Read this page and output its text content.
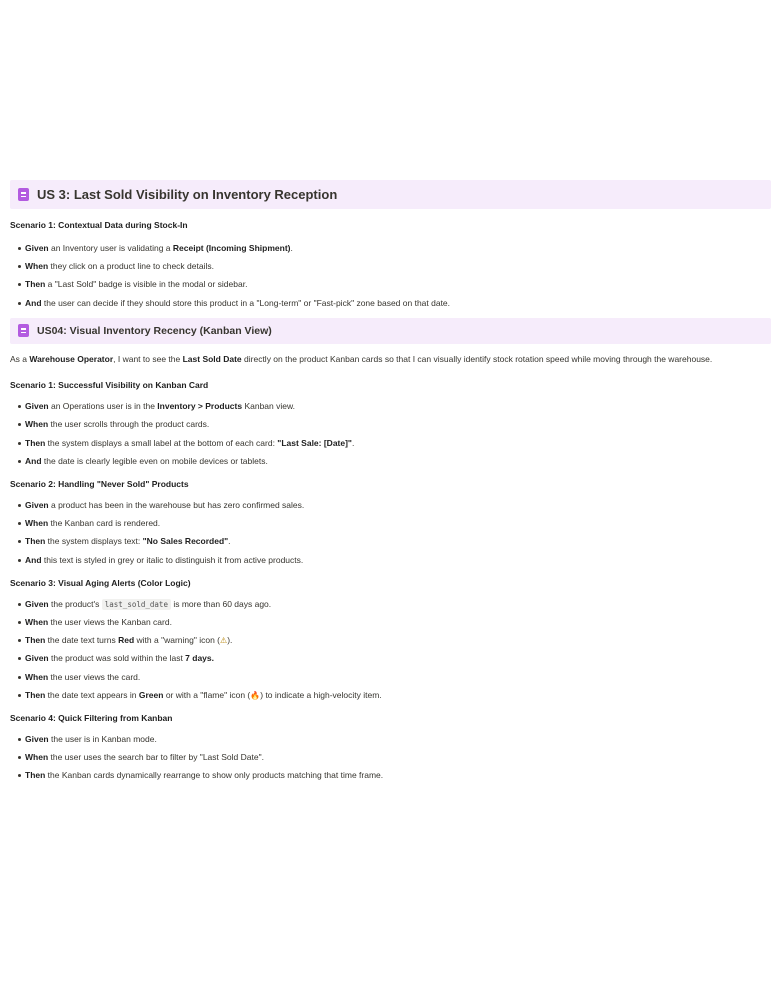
US 3: Last Sold Visibility on Inventory Reception
Scenario 1: Contextual Data during Stock-In
Given an Inventory user is validating a Receipt (Incoming Shipment).
When they click on a product line to check details.
Then a "Last Sold" badge is visible in the modal or sidebar.
And the user can decide if they should store this product in a "Long-term" or "Fast-pick" zone based on that date.
US04: Visual Inventory Recency (Kanban View)
As a Warehouse Operator, I want to see the Last Sold Date directly on the product Kanban cards so that I can visually identify stock rotation speed while moving through the warehouse.
Scenario 1: Successful Visibility on Kanban Card
Given an Operations user is in the Inventory > Products Kanban view.
When the user scrolls through the product cards.
Then the system displays a small label at the bottom of each card: "Last Sale: [Date]".
And the date is clearly legible even on mobile devices or tablets.
Scenario 2: Handling "Never Sold" Products
Given a product has been in the warehouse but has zero confirmed sales.
When the Kanban card is rendered.
Then the system displays text: "No Sales Recorded".
And this text is styled in grey or italic to distinguish it from active products.
Scenario 3: Visual Aging Alerts (Color Logic)
Given the product's last_sold_date is more than 60 days ago.
When the user views the Kanban card.
Then the date text turns Red with a "warning" icon (⚠).
Given the product was sold within the last 7 days.
When the user views the card.
Then the date text appears in Green or with a "flame" icon (🔥) to indicate a high-velocity item.
Scenario 4: Quick Filtering from Kanban
Given the user is in Kanban mode.
When the user uses the search bar to filter by "Last Sold Date".
Then the Kanban cards dynamically rearrange to show only products matching that time frame.
